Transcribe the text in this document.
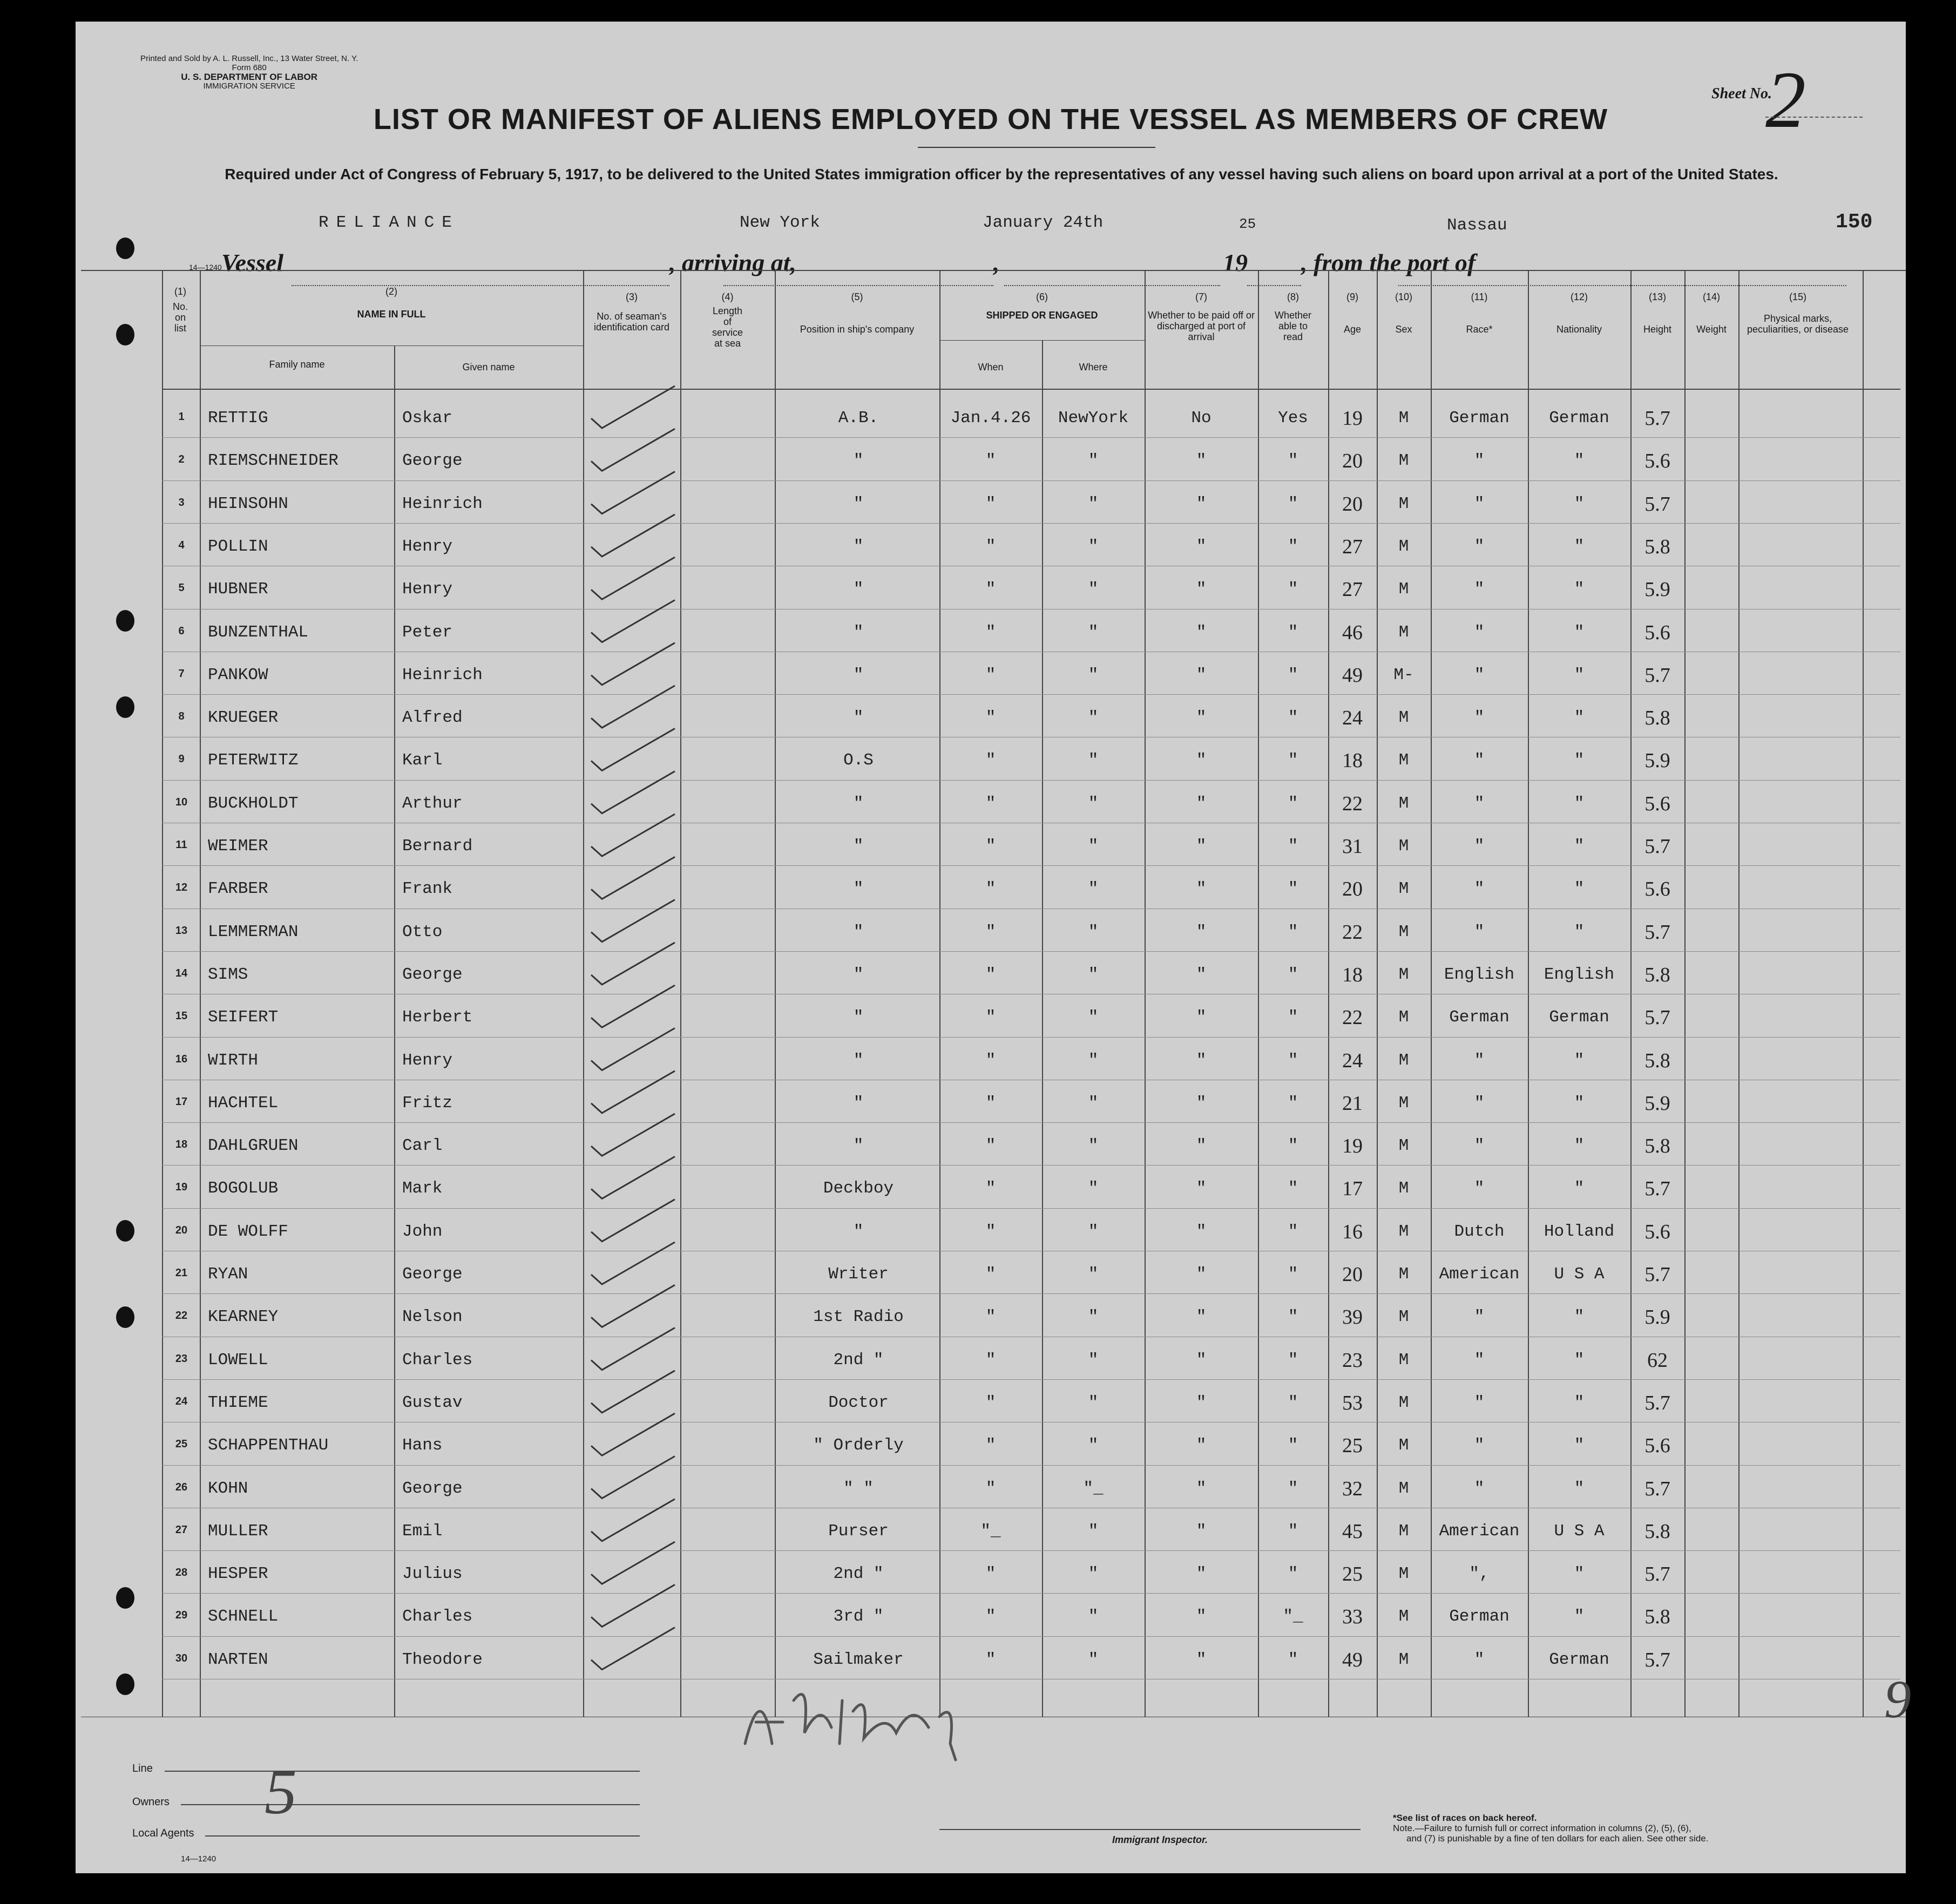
Printed and Sold by A. L. Russell, Inc., 13 Water Street, N. Y.
Form 680
U. S. DEPARTMENT OF LABOR
IMMIGRATION SERVICE
LIST OR MANIFEST OF ALIENS EMPLOYED ON THE VESSEL AS MEMBERS OF CREW
Required under Act of Congress of February 5, 1917, to be delivered to the United States immigration officer by the representatives of any vessel having such aliens on board upon arrival at a port of the United States.
Sheet No.
2
Vessel
RELIANCE
, arriving at,
New York
,
January 24th
19
25
, from the port of
Nassau	150
14—1240
(1)
No. on list
(2)
NAME IN FULL
Family name	Given name
(3)
No. of seaman's identification card
(4)
Length of service at sea
(5)
Position in ship's company
(6)
SHIPPED OR ENGAGED
When	Where
(7)
Whether to be paid off or discharged at port of arrival
(8)
Whether able to read
(9)
Age
(10)
Sex
(11)
Race*
(12)
Nationality
(13)
Height
(14)
Weight
(15)
Physical marks, peculiarities, or disease
1	RETTIG	Oskar	A.B.	Jan.4.26	NewYork	No	Yes	19	M	German	German	5.7
2	RIEMSCHNEIDER	George	"	"	"	"	"	20	M	"	"	5.6
3	HEINSOHN	Heinrich	"	"	"	"	"	20	M	"	"	5.7
4	POLLIN	Henry	"	"	"	"	"	27	M	"	"	5.8
5	HUBNER	Henry	"	"	"	"	"	27	M	"	"	5.9
6	BUNZENTHAL	Peter	"	"	"	"	"	46	M	"	"	5.6
7	PANKOW	Heinrich	"	"	"	"	"	49	M-	"	"	5.7
8	KRUEGER	Alfred	"	"	"	"	"	24	M	"	"	5.8
9	PETERWITZ	Karl	O.S	"	"	"	"	18	M	"	"	5.9
10	BUCKHOLDT	Arthur	"	"	"	"	"	22	M	"	"	5.6
11	WEIMER	Bernard	"	"	"	"	"	31	M	"	"	5.7
12	FARBER	Frank	"	"	"	"	"	20	M	"	"	5.6
13	LEMMERMAN	Otto	"	"	"	"	"	22	M	"	"	5.7
14	SIMS	George	"	"	"	"	"	18	M	English	English	5.8
15	SEIFERT	Herbert	"	"	"	"	"	22	M	German	German	5.7
16	WIRTH	Henry	"	"	"	"	"	24	M	"	"	5.8
17	HACHTEL	Fritz	"	"	"	"	"	21	M	"	"	5.9
18	DAHLGRUEN	Carl	"	"	"	"	"	19	M	"	"	5.8
19	BOGOLUB	Mark	Deckboy	"	"	"	"	17	M	"	"	5.7
20	DE WOLFF	John	"	"	"	"	"	16	M	Dutch	Holland	5.6
21	RYAN	George	Writer	"	"	"	"	20	M	American	U S A	5.7
22	KEARNEY	Nelson	1st Radio	"	"	"	"	39	M	"	"	5.9
23	LOWELL	Charles	2nd "	"	"	"	"	23	M	"	"	62
24	THIEME	Gustav	Doctor	"	"	"	"	53	M	"	"	5.7
25	SCHAPPENTHAU	Hans	" Orderly	"	"	"	"	25	M	"	"	5.6
26	KOHN	George	" "	"	"_	"	"	32	M	"	"	5.7
27	MULLER	Emil	Purser	"_	"	"	"	45	M	American	U S A	5.8
28	HESPER	Julius	2nd "	"	"	"	"	25	M	",	"	5.7
29	SCHNELL	Charles	3rd "	"	"	"	"_	33	M	German	"	5.8
30	NARTEN	Theodore	Sailmaker	"	"	"	"	49	M	"	German	5.7
9
Line
Owners 5
Local Agents
14—1240
Immigrant Inspector.
*See list of races on back hereof.
Note.—Failure to furnish full or correct information in columns (2), (5), (6),
and (7) is punishable by a fine of ten dollars for each alien. See other side.
